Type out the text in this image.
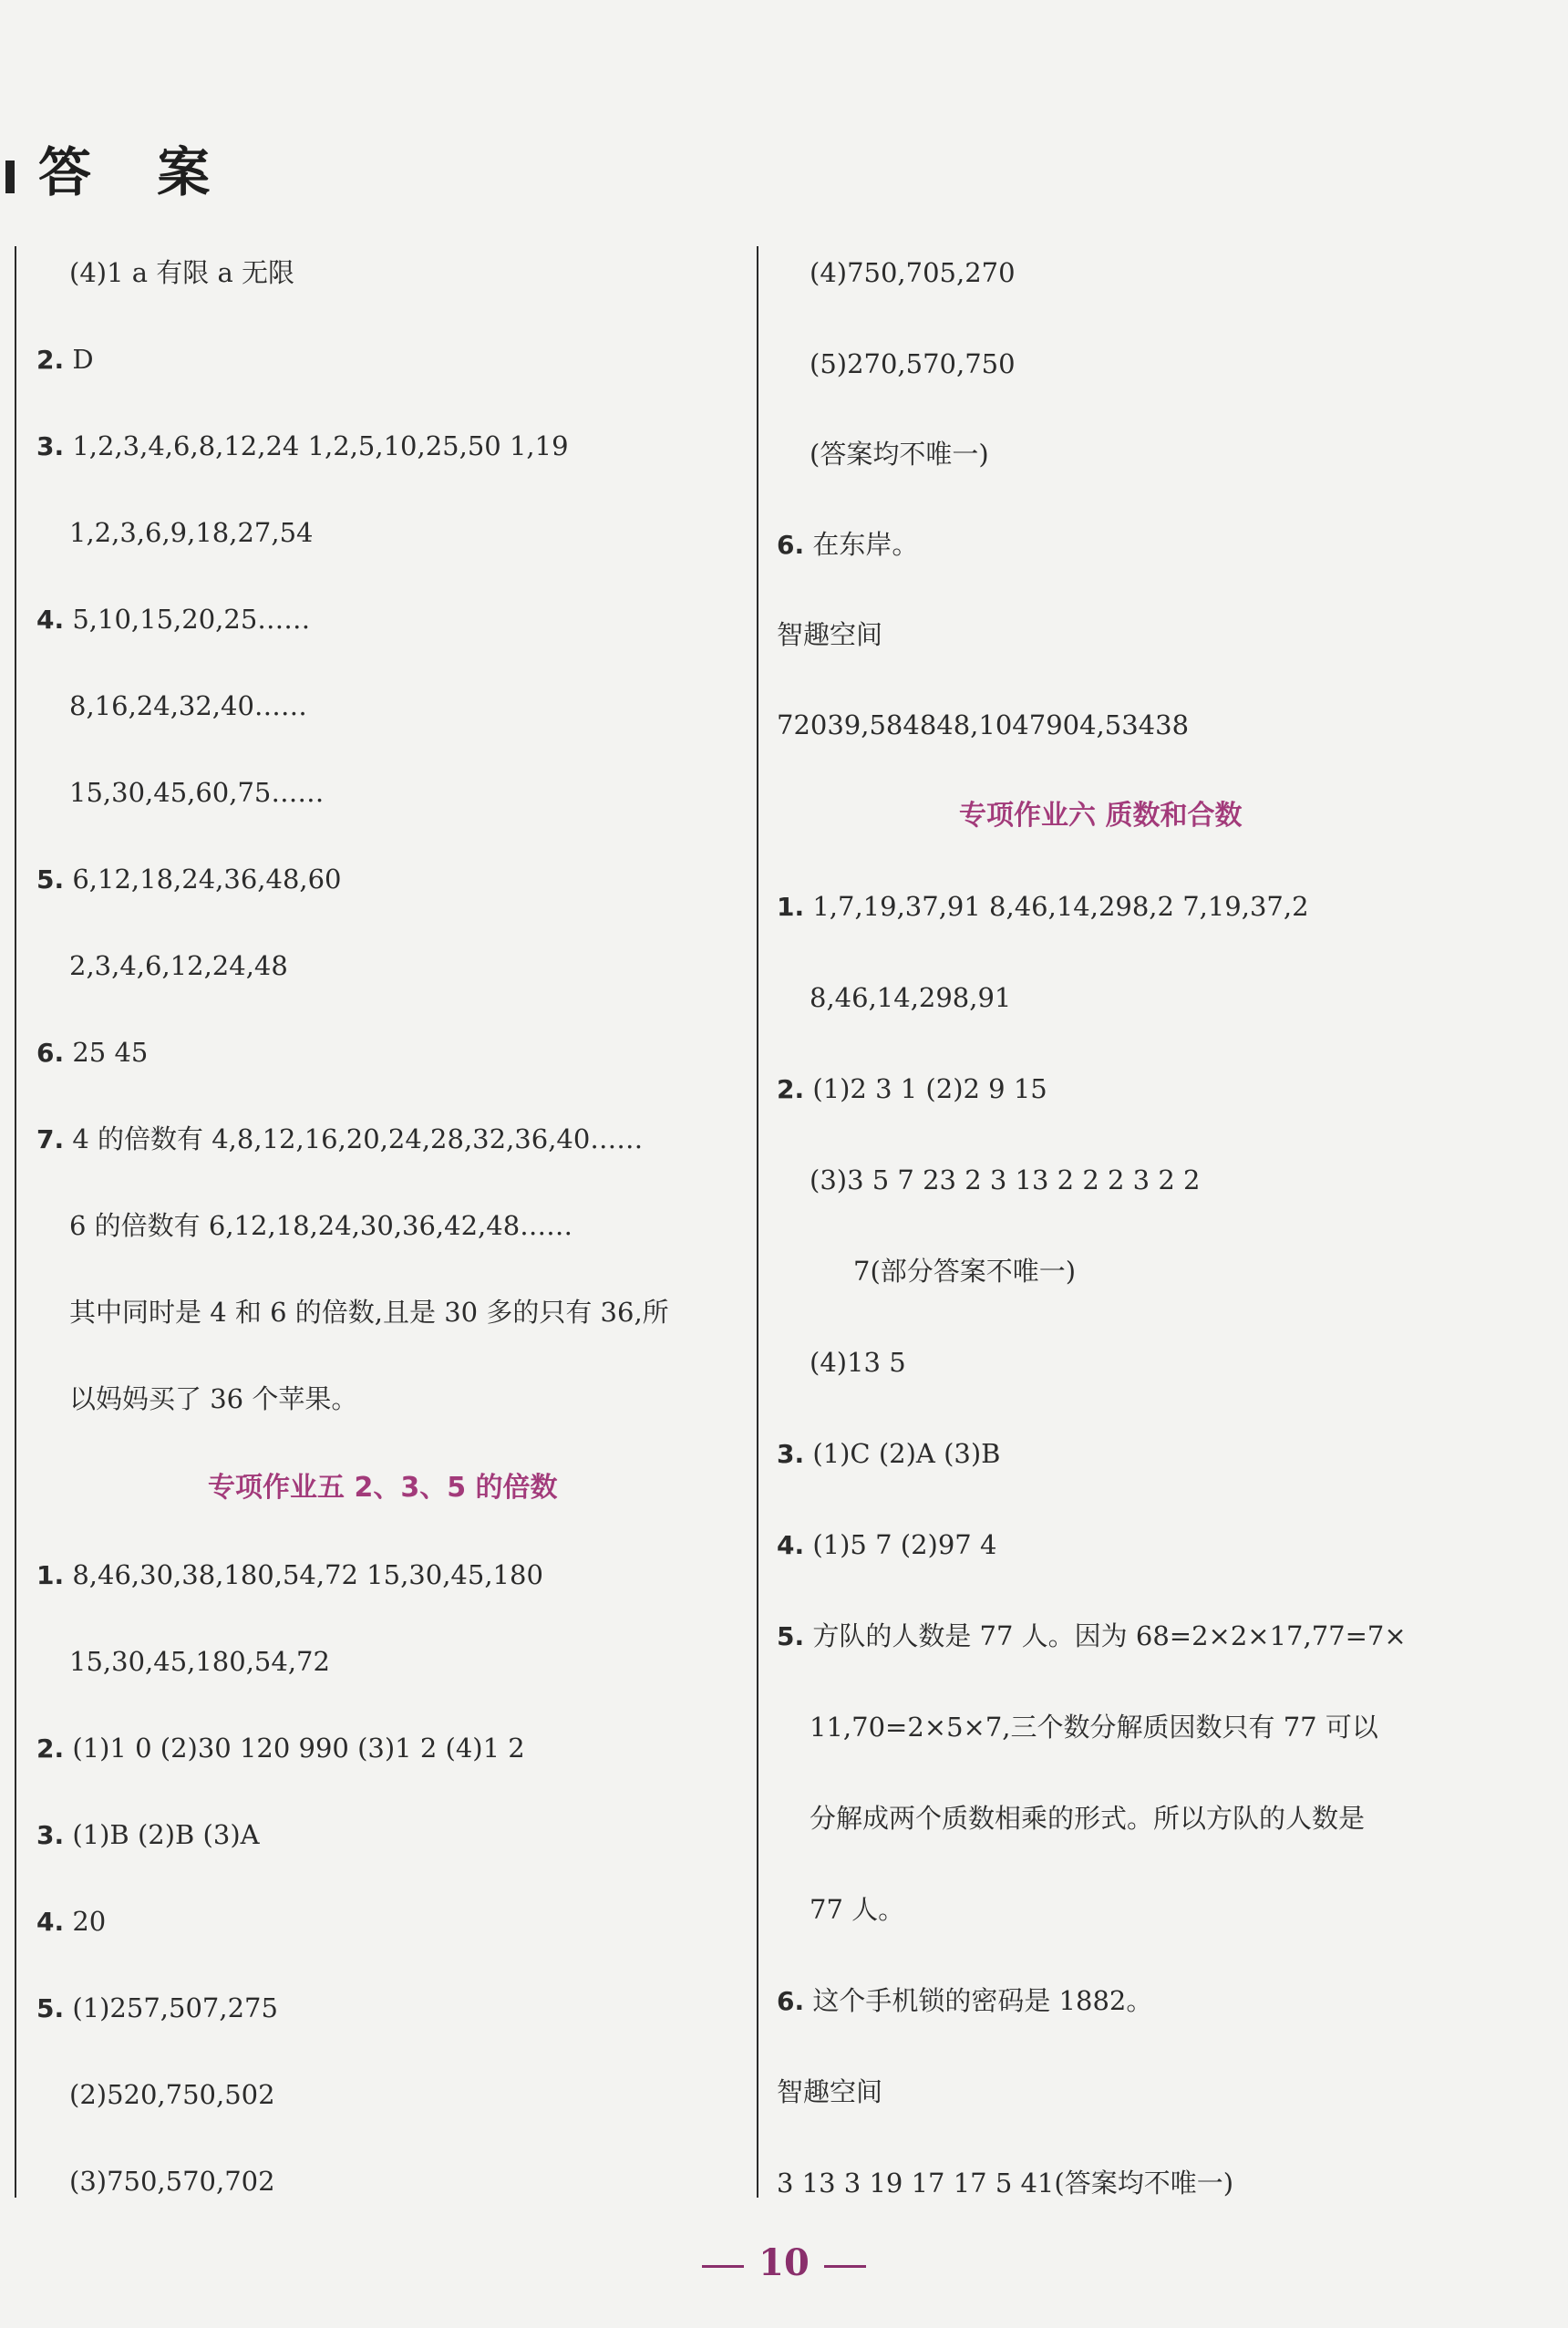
答 案
(4)1 a 有限 a 无限
2. D
3. 1,2,3,4,6,8,12,24 1,2,5,10,25,50 1,19
1,2,3,6,9,18,27,54
4. 5,10,15,20,25……
8,16,24,32,40……
15,30,45,60,75……
5. 6,12,18,24,36,48,60
2,3,4,6,12,24,48
6. 25 45
7. 4 的倍数有 4,8,12,16,20,24,28,32,36,40……
6 的倍数有 6,12,18,24,30,36,42,48……
其中同时是 4 和 6 的倍数,且是 30 多的只有 36,所
以妈妈买了 36 个苹果。
专项作业五 2、3、5 的倍数
1. 8,46,30,38,180,54,72 15,30,45,180
15,30,45,180,54,72
2. (1)1 0 (2)30 120 990 (3)1 2 (4)1 2
3. (1)B (2)B (3)A
4. 20
5. (1)257,507,275
(2)520,750,502
(3)750,570,702
(4)750,705,270
(5)270,570,750
(答案均不唯一)
6. 在东岸。
智趣空间
72039,584848,1047904,53438
专项作业六 质数和合数
1. 1,7,19,37,91 8,46,14,298,2 7,19,37,2
8,46,14,298,91
2. (1)2 3 1 (2)2 9 15
(3)3 5 7 23 2 3 13 2 2 2 3 2 2
7(部分答案不唯一)
(4)13 5
3. (1)C (2)A (3)B
4. (1)5 7 (2)97 4
5. 方队的人数是 77 人。因为 68=2×2×17,77=7×
11,70=2×5×7,三个数分解质因数只有 77 可以
分解成两个质数相乘的形式。所以方队的人数是
77 人。
6. 这个手机锁的密码是 1882。
智趣空间
3 13 3 19 17 17 5 41(答案均不唯一)
10
